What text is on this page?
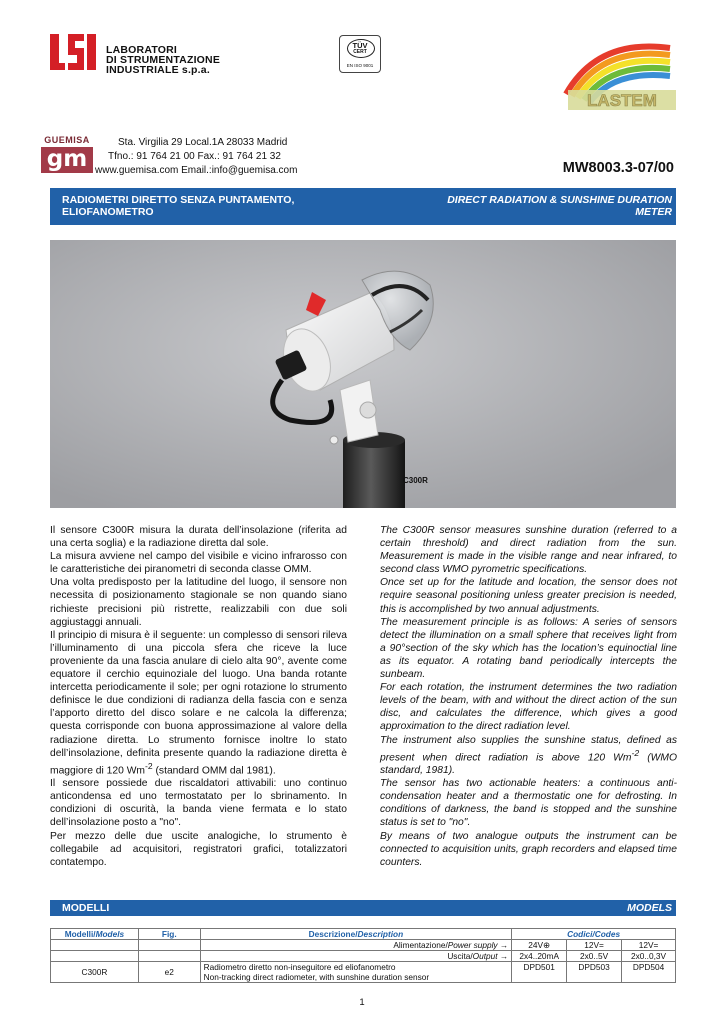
LABORATORI
DI STRUMENTAZIONE
INDUSTRIALE s.p.a.
TÜV
CERT
EN ISO 9001
LASTEM
GUEMISA
gm
Sta. Virgilia 29 Local.1A 28033 Madrid
Tfno.: 91 764 21 00 Fax.: 91 764 21 32
www.guemisa.com Email.:info@guemisa.com	MW8003.3-07/00
RADIOMETRI DIRETTO SENZA PUNTAMENTO,
ELIOFANOMETRO
DIRECT RADIATION & SUNSHINE DURATION
METER
C300R

Il sensore C300R misura la durata dell’insolazione (riferita ad una certa soglia) e la radiazione diretta dal sole.

La misura avviene nel campo del visibile e vicino infrarosso con le caratteristiche dei piranometri di seconda classe OMM.

Una volta predisposto per la latitudine del luogo, il sensore non necessita di posizionamento stagionale se non quando siano richieste precisioni più ristrette, realizzabili con due soli aggiustaggi annuali.

Il principio di misura è il seguente: un complesso di sensori rileva l’illuminamento di una piccola sfera che riceve la luce proveniente da una fascia anulare di cielo alta 90°, avente come equatore il cerchio equinoziale del luogo. Una banda rotante intercetta periodicamente il sole; per ogni rotazione lo strumento definisce le due condizioni di radianza della fascia con e senza l’apporto diretto del disco solare e ne calcola la differenza; questa corrisponde con buona approssimazione al valore della radiazione diretta. Lo strumento fornisce inoltre lo stato dell’insolazione, definita presente quando la radiazione diretta è maggiore di 120 $Wm^{-2}$ (standard OMM dal 1981).

Il sensore possiede due riscaldatori attivabili: uno continuo anticondensa ed uno termostatato per lo sbrinamento. In condizioni di oscurità, la banda viene fermata e lo stato dell’insolazione posto a "no".

Per mezzo delle due uscite analogiche, lo strumento è collegabile ad acquisitori, registratori grafici, totalizzatori contatempo.

The C300R sensor measures sunshine duration (referred to a certain threshold) and direct radiation from the sun. Measurement is made in the visible range and near infrared, to second class WMO pyrometric specifications.

Once set up for the latitude and location, the sensor does not require seasonal positioning unless greater precision is needed, this is accomplished by two annual adjustments.

The measurement principle is as follows: A series of sensors detect the illumination on a small sphere that receives light from a 90°section of the sky which has the location’s equinoctial line as its equator. A rotating band periodically intercepts the sunbeam.

For each rotation, the instrument determines the two radiation levels of the beam, with and without the direct action of the sun disc, and calculates the difference, which gives a good approximation to the direct radiation level.

The instrument also supplies the sunshine status, defined as present when direct radiation is above 120 $Wm^{-2}$ (WMO standard, 1981).

The sensor has two actionable heaters: a continuous anti-condensation heater and a thermostatic one for defrosting. In conditions of darkness, the band is stopped and the sunshine status is set to "no".

By means of two analogue outputs the instrument can be connected to acquisition units, graph recorders and elapsed time counters.

MODELLI	MODELS
Modelli/Models	Fig.	Descrizione/Description	Codici/Codes		
		Alimentazione/Power supply →	24V⊕	12V=	12V=
		Uscita/Output →	2x4..20mA	2x0..5V	2x0..0,3V
C300R	e2	Radiometro diretto non-inseguitore ed eliofanometro	DPD501	DPD503	DPD504
		Non-tracking direct radiometer, with sunshine duration sensor			
1
